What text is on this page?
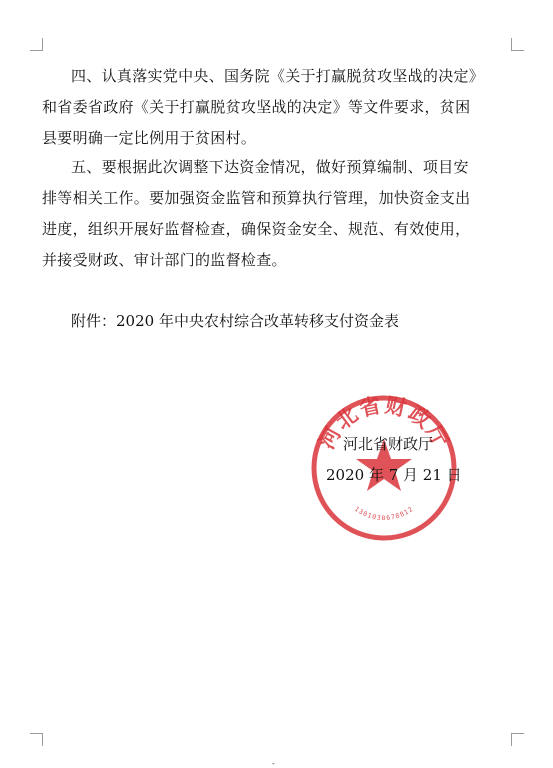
四、认真落实党中央、国务院《关于打赢脱贫攻坚战的决定》
和省委省政府《关于打赢脱贫攻坚战的决定》等文件要求，贫困
县要明确一定比例用于贫困村。
五、要根据此次调整下达资金情况，做好预算编制、项目安
排等相关工作。要加强资金监管和预算执行管理，加快资金支出
进度，组织开展好监督检查，确保资金安全、规范、有效使用，
并接受财政、审计部门的监督检查。
附件：2020 年中央农村综合改革转移支付资金表
河北省财政厅
1301038678812
河北省财政厅
2020 年 7 月 21 日
-
